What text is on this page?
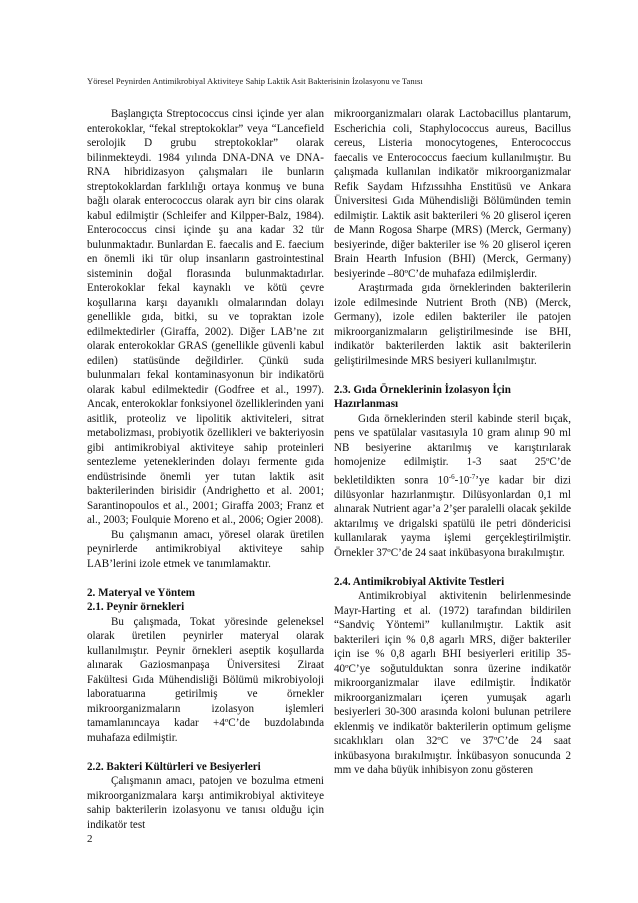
Yöresel Peynirden Antimikrobiyal Aktiviteye Sahip Laktik Asit Bakterisinin İzolasyonu ve Tanısı

Başlangıçta Streptococcus cinsi içinde yer alan enterokoklar, “fekal streptokoklar” veya “Lancefield serolojik D grubu streptokoklar” olarak bilinmekteydi. 1984 yılında DNA-DNA ve DNA-RNA hibridizasyon çalışmaları ile bunların streptokoklardan farklılığı ortaya konmuş ve buna bağlı olarak enterococcus olarak ayrı bir cins olarak kabul edilmiştir (Schleifer and Kilpper-Balz, 1984). Enterococcus cinsi içinde şu ana kadar 32 tür bulunmaktadır. Bunlardan E. faecalis and E. faecium en önemli iki tür olup insanların gastrointestinal sisteminin doğal florasında bulunmaktadırlar. Enterokoklar fekal kaynaklı ve kötü çevre koşullarına karşı dayanıklı olmalarından dolayı genellikle gıda, bitki, su ve topraktan izole edilmektedirler (Giraffa, 2002). Diğer LAB’ne zıt olarak enterokoklar GRAS (genellikle güvenli kabul edilen) statüsünde değildirler. Çünkü suda bulunmaları fekal kontaminasyonun bir indikatörü olarak kabul edilmektedir (Godfree et al., 1997). Ancak, enterokoklar fonksiyonel özelliklerinden yani asitlik, proteoliz ve lipolitik aktiviteleri, sitrat metabolizması, probiyotik özellikleri ve bakteriyosin gibi antimikrobiyal aktiviteye sahip proteinleri sentezleme yeteneklerinden dolayı fermente gıda endüstrisinde önemli yer tutan laktik asit bakterilerinden birisidir (Andrighetto et al. 2001; Sarantinopoulos et al., 2001; Giraffa 2003; Franz et al., 2003; Foulquie Moreno et al., 2006; Ogier 2008).

Bu çalışmanın amacı, yöresel olarak üretilen peynirlerde antimikrobiyal aktiviteye sahip LAB’lerini izole etmek ve tanımlamaktır.

2. Materyal ve Yöntem
2.1. Peynir örnekleri

Bu çalışmada, Tokat yöresinde geleneksel olarak üretilen peynirler materyal olarak kullanılmıştır. Peynir örnekleri aseptik koşullarda alınarak Gaziosmanpaşa Üniversitesi Ziraat Fakültesi Gıda Mühendisliği Bölümü mikrobiyoloji laboratuarına getirilmiş ve örnekler mikroorganizmaların izolasyon işlemleri tamamlanıncaya kadar +4ºC’de buzdolabında muhafaza edilmiştir.

2.2. Bakteri Kültürleri ve Besiyerleri

Çalışmanın amacı, patojen ve bozulma etmeni mikroorganizmalara karşı antimikrobiyal aktiviteye sahip bakterilerin izolasyonu ve tanısı olduğu için indikatör test

mikroorganizmaları olarak Lactobacillus plantarum, Escherichia coli, Staphylococcus aureus, Bacillus cereus, Listeria monocytogenes, Enterococcus faecalis ve Enterococcus faecium kullanılmıştır. Bu çalışmada kullanılan indikatör mikroorganizmalar Refik Saydam Hıfzıssıhha Enstitüsü ve Ankara Üniversitesi Gıda Mühendisliği Bölümünden temin edilmiştir. Laktik asit bakterileri % 20 gliserol içeren de Mann Rogosa Sharpe (MRS) (Merck, Germany) besiyerinde, diğer bakteriler ise % 20 gliserol içeren Brain Hearth Infusion (BHI) (Merck, Germany) besiyerinde –80ºC’de muhafaza edilmişlerdir.

Araştırmada gıda örneklerinden bakterilerin izole edilmesinde Nutrient Broth (NB) (Merck, Germany), izole edilen bakteriler ile patojen mikroorganizmaların geliştirilmesinde ise BHI, indikatör bakterilerden laktik asit bakterilerin geliştirilmesinde MRS besiyeri kullanılmıştır.

2.3. Gıda Örneklerinin İzolasyon İçin Hazırlanması

Gıda örneklerinden steril kabinde steril bıçak, pens ve spatülalar vasıtasıyla 10 gram alınıp 90 ml NB besiyerine aktarılmış ve karıştırılarak homojenize edilmiştir. 1-3 saat 25ºC’de bekletildikten sonra $10^{-6}-10^{-7}’ye$ kadar bir dizi dilüsyonlar hazırlanmıştır. Dilüsyonlardan 0,1 ml alınarak Nutrient agar’a 2’şer paralelli olacak şekilde aktarılmış ve drigalski spatülü ile petri döndericisi kullanılarak yayma işlemi gerçekleştirilmiştir. Örnekler 37ºC’de 24 saat inkübasyona bırakılmıştır.

2.4. Antimikrobiyal Aktivite Testleri

Antimikrobiyal aktivitenin belirlenmesinde Mayr-Harting et al. (1972) tarafından bildirilen “Sandviç Yöntemi” kullanılmıştır. Laktik asit bakterileri için % 0,8 agarlı MRS, diğer bakteriler için ise % 0,8 agarlı BHI besiyerleri eritilip 35-40ºC’ye soğutulduktan sonra üzerine indikatör mikroorganizmalar ilave edilmiştir. İndikatör mikroorganizmaları içeren yumuşak agarlı besiyerleri 30-300 arasında koloni bulunan petrilere eklenmiş ve indikatör bakterilerin optimum gelişme sıcaklıkları olan 32ºC ve 37ºC’de 24 saat inkübasyona bırakılmıştır. İnkübasyon sonucunda 2 mm ve daha büyük inhibisyon zonu gösteren

2
